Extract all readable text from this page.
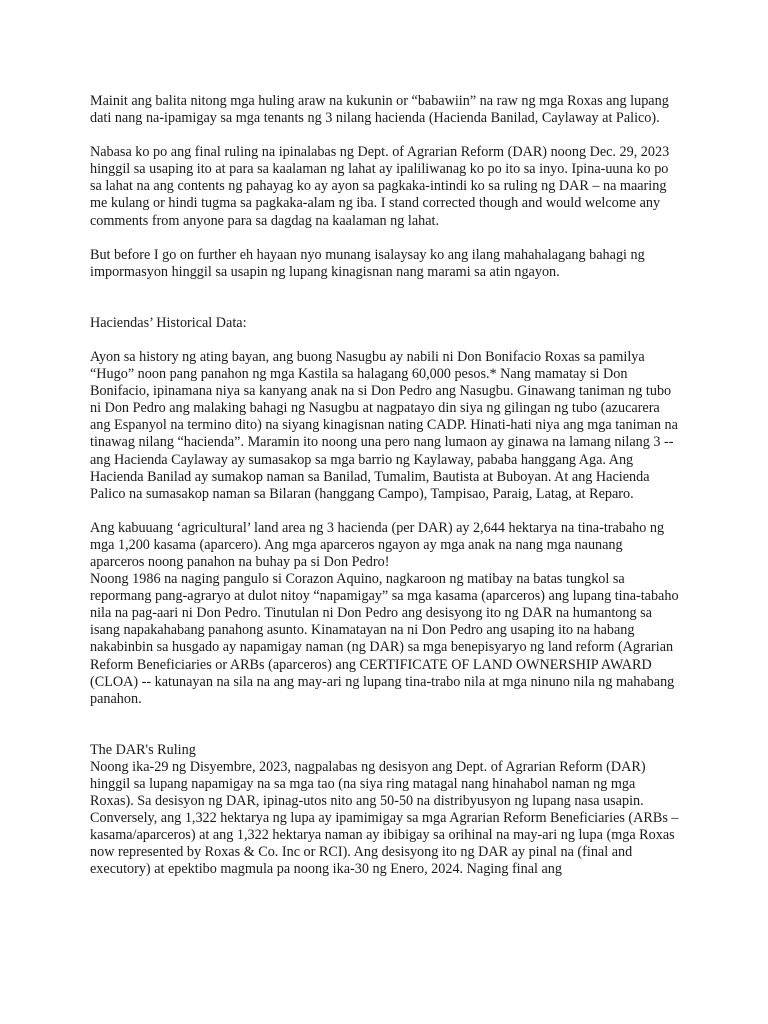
Mainit ang balita nitong mga huling araw na kukunin or “babawiin” na raw ng mga Roxas ang lupang dati nang na-ipamigay sa mga tenants ng 3 nilang hacienda (Hacienda Banilad, Caylaway at Palico).

Nabasa ko po ang final ruling na ipinalabas ng Dept. of Agrarian Reform (DAR) noong Dec. 29, 2023 hinggil sa usaping ito at para sa kaalaman ng lahat ay ipaliliwanag ko po ito sa inyo. Ipina-uuna ko po sa lahat na ang contents ng pahayag ko ay ayon sa pagkaka-intindi ko sa ruling ng DAR – na maaring me kulang or hindi tugma sa pagkaka-alam ng iba. I stand corrected though and would welcome any comments from anyone para sa dagdag na kaalaman ng lahat.

But before I go on further eh hayaan nyo munang isalaysay ko ang ilang mahahalagang bahagi ng impormasyon hinggil sa usapin ng lupang kinagisnan nang marami sa atin ngayon.

Haciendas’ Historical Data:

Ayon sa history ng ating bayan, ang buong Nasugbu ay nabili ni Don Bonifacio Roxas sa pamilya “Hugo” noon pang panahon ng mga Kastila sa halagang 60,000 pesos.* Nang mamatay si Don Bonifacio, ipinamana niya sa kanyang anak na si Don Pedro ang Nasugbu. Ginawang taniman ng tubo ni Don Pedro ang malaking bahagi ng Nasugbu at nagpatayo din siya ng gilingan ng tubo (azucarera ang Espanyol na termino dito) na siyang kinagisnan nating CADP. Hinati-hati niya ang mga taniman na tinawag nilang “hacienda”. Maramin ito noong una pero nang lumaon ay ginawa na lamang nilang 3 --ang Hacienda Caylaway ay sumasakop sa mga barrio ng Kaylaway, pababa hanggang Aga. Ang Hacienda Banilad ay sumakop naman sa Banilad, Tumalim, Bautista at Buboyan. At ang Hacienda Palico na sumasakop naman sa Bilaran (hanggang Campo), Tampisao, Paraig, Latag, at Reparo.

Ang kabuuang ‘agricultural’ land area ng 3 hacienda (per DAR) ay 2,644 hektarya na tina-trabaho ng mga 1,200 kasama (aparcero). Ang mga aparceros ngayon ay mga anak na nang mga naunang aparceros noong panahon na buhay pa si Don Pedro!

Noong 1986 na naging pangulo si Corazon Aquino, nagkaroon ng matibay na batas tungkol sa repormang pang-agraryo at dulot nitoy “napamigay” sa mga kasama (aparceros) ang lupang tina-tabaho nila na pag-aari ni Don Pedro. Tinutulan ni Don Pedro ang desisyong ito ng DAR na humantong sa isang napakahabang panahong asunto. Kinamatayan na ni Don Pedro ang usaping ito na habang nakabinbin sa husgado ay napamigay naman (ng DAR) sa mga benepisyaryo ng land reform (Agrarian Reform Beneficiaries or ARBs (aparceros) ang CERTIFICATE OF LAND OWNERSHIP AWARD (CLOA) -- katunayan na sila na ang may-ari ng lupang tina-trabo nila at mga ninuno nila ng mahabang panahon.

The DAR's Ruling

Noong ika-29 ng Disyembre, 2023, nagpalabas ng desisyon ang Dept. of Agrarian Reform (DAR) hinggil sa lupang napamigay na sa mga tao (na siya ring matagal nang hinahabol naman ng mga Roxas). Sa desisyon ng DAR, ipinag-utos nito ang 50-50 na distribyusyon ng lupang nasa usapin. Conversely, ang 1,322 hektarya ng lupa ay ipamimigay sa mga Agrarian Reform Beneficiaries (ARBs – kasama/aparceros) at ang 1,322 hektarya naman ay ibibigay sa orihinal na may-ari ng lupa (mga Roxas now represented by Roxas & Co. Inc or RCI). Ang desisyong ito ng DAR ay pinal na (final and executory) at epektibo magmula pa noong ika-30 ng Enero, 2024. Naging final ang
